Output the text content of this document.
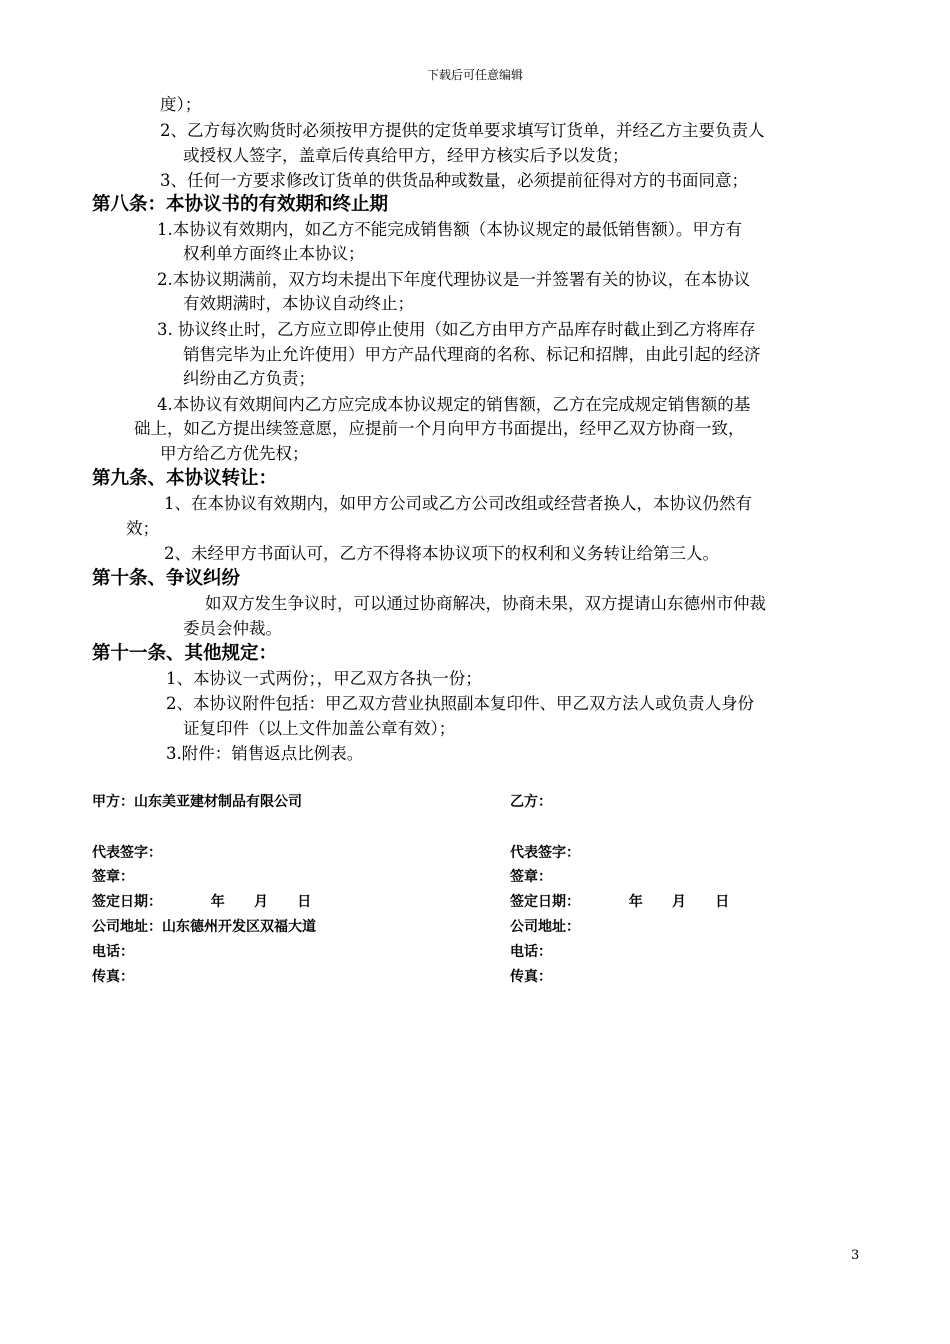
下载后可任意编辑
度）；
2、乙方每次购货时必须按甲方提供的定货单要求填写订货单，并经乙方主要负责人
或授权人签字，盖章后传真给甲方，经甲方核实后予以发货；
3、任何一方要求修改订货单的供货品种或数量，必须提前征得对方的书面同意；
第八条：本协议书的有效期和终止期
1.本协议有效期内，如乙方不能完成销售额（本协议规定的最低销售额）。甲方有
权利单方面终止本协议；
2.本协议期满前，双方均未提出下年度代理协议是一并签署有关的协议，在本协议
有效期满时，本协议自动终止；
3. 协议终止时，乙方应立即停止使用（如乙方由甲方产品库存时截止到乙方将库存
销售完毕为止允许使用）甲方产品代理商的名称、标记和招牌，由此引起的经济
纠纷由乙方负责；
4.本协议有效期间内乙方应完成本协议规定的销售额，乙方在完成规定销售额的基
础上，如乙方提出续签意愿，应提前一个月向甲方书面提出，经甲乙双方协商一致，
甲方给乙方优先权；
第九条、本协议转让：
1、在本协议有效期内，如甲方公司或乙方公司改组或经营者换人，本协议仍然有
效；
2、未经甲方书面认可，乙方不得将本协议项下的权利和义务转让给第三人。
第十条、争议纠纷
如双方发生争议时，可以通过协商解决，协商未果，双方提请山东德州市仲裁
委员会仲裁。
第十一条、其他规定：
1、本协议一式两份；，甲乙双方各执一份；
2、本协议附件包括：甲乙双方营业执照副本复印件、甲乙双方法人或负责人身份
证复印件（以上文件加盖公章有效）；
3.附件：销售返点比例表。
甲方：山东美亚建材制品有限公司
代表签字：
签章：
签定日期：          年      月      日
公司地址：山东德州开发区双福大道
电话：
传真：
乙方：
代表签字：
签章：
签定日期：          年      月      日
公司地址：
电话：
传真：
3
